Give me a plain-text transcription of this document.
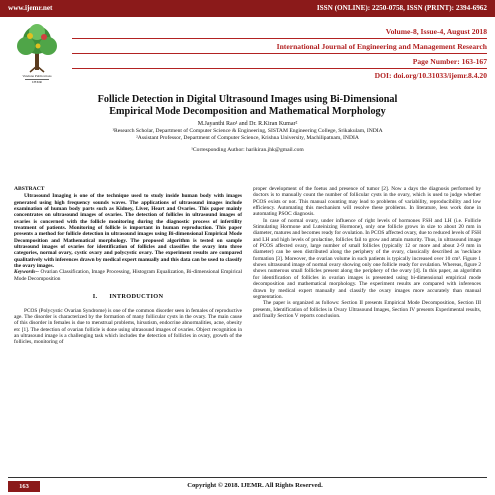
www.ijemr.net	ISSN (ONLINE): 2250-0758, ISSN (PRINT): 2394-6962
Vandana Publications
IJEMR
Volume-8, Issue-4, August 2018
International Journal of Engineering and Management Research
Page Number: 163-167
DOI: doi.org/10.31033/ijemr.8.4.20
Follicle Detection in Digital Ultrasound Images using Bi-Dimensional
Empirical Mode Decomposition and Mathematical Morphology
M.Jayanthi Rao¹ and Dr. R.Kiran Kumar²
¹Research Scholar, Department of Computer Science & Engineering, SISTAM Engineering College, Srikakulam, INDIA
²Assistant Professor, Department of Computer Science, Krishna University, Machilipatnam, INDIA
¹Corresponding Author: harikiran.jhk@gmail.com
ABSTRACT

Ultrasound Imaging is one of the technique used to study inside human body with images generated using high frequency sounds waves. The applications of ultrasound images include examination of human body parts such as Kidney, Liver, Heart and Ovaries. This paper mainly concentrates on ultrasound images of ovaries. The detection of follicles in ultrasound images of ovaries is concerned with the follicle monitoring during the diagnostic process of infertility treatment of patients. Monitoring of follicle is important in human reproduction. This paper presents a method for follicle detection in ultrasound images using Bi-dimensional Empirical Mode Decomposition and Mathematical morphology. The proposed algorithm is tested on sample ultrasound images of ovaries for identification of follicles and classifies the ovary into three categories, normal ovary, cystic ovary and polycystic ovary. The experiment results are compared qualitatively with inferences drawn by medical expert manually and this data can be used to classify the ovary images.

Keywords-- Ovarian Classification, Image Processing, Histogram Equalization, Bi-dimensional Empirical Mode Decomposition

I. INTRODUCTION

PCOS (Polycystic Ovarian Syndrome) is one of the common disorder seen in females of reproductive age. The disorder is characterized by the formation of many follicular cysts in the ovary. The main cause of this disorder in females is due to menstrual problems, hirsutism, endocrine abnormalities, acne, obesity etc [1]. The detection of ovarian follicle is done using ultrasound images of ovaries. Object recognition in an ultrasound image is a challenging task which includes the detection of follicles in ovary, growth of the follicles, monitoring of

proper development of the foetus and presence of tumor [2]. Now a days the diagnosis performed by doctors is to manually count the number of follicular cysts in the ovary, which is used to judge whether PCOS exists or not. This manual counting may lead to problems of variability, reproducibility and low efficiency. Automating this mechanism will resolve these problems. In literature, less work done in automating PSOC diagnosis.

In case of normal ovary, under influence of right levels of hormones FSH and LH (i.e. Follicle Stimulating Hormone and Luteinizing Hormone), only one follicle grows in size to about 20 mm in diameter, matures and becomes ready for ovulation. In PCOS affected ovary, due to reduced levels of FSH and LH and high levels of prolactine, follicles fail to grow and attain maturity. Thus, in ultrasound image of PCOS affected ovary, large number of small follicles (typically 12 or more and about 2-9 mm in diameter) can be seen distributed along the periphery of the ovary, classically described as 'necklace formation [3]. Moreover, the ovarian volume in such patients is typically increased over 10 cm³. Figure 1 shows ultrasound image of normal ovary showing only one follicle ready for ovulation. Whereas, figure 2 shows numerous small follicles present along the periphery of the ovary [4]. In this paper, an algorithm for identification of follicles in ovarian images is presented using bi-dimensional empirical mode decomposition and mathematical morphology. The experiment results are compared with inferences drawn by medical expert manually and classify the ovary images more accurately than manual segmentation.

The paper is organized as follows: Section II presents Empirical Mode Decomposition, Section III presents, Identification of follicles in Ovary Ultrasound Images, Section IV presents Experimental results, and finally Section V reports conclusion.

163	Copyright © 2018. IJEMR. All Rights Reserved.
